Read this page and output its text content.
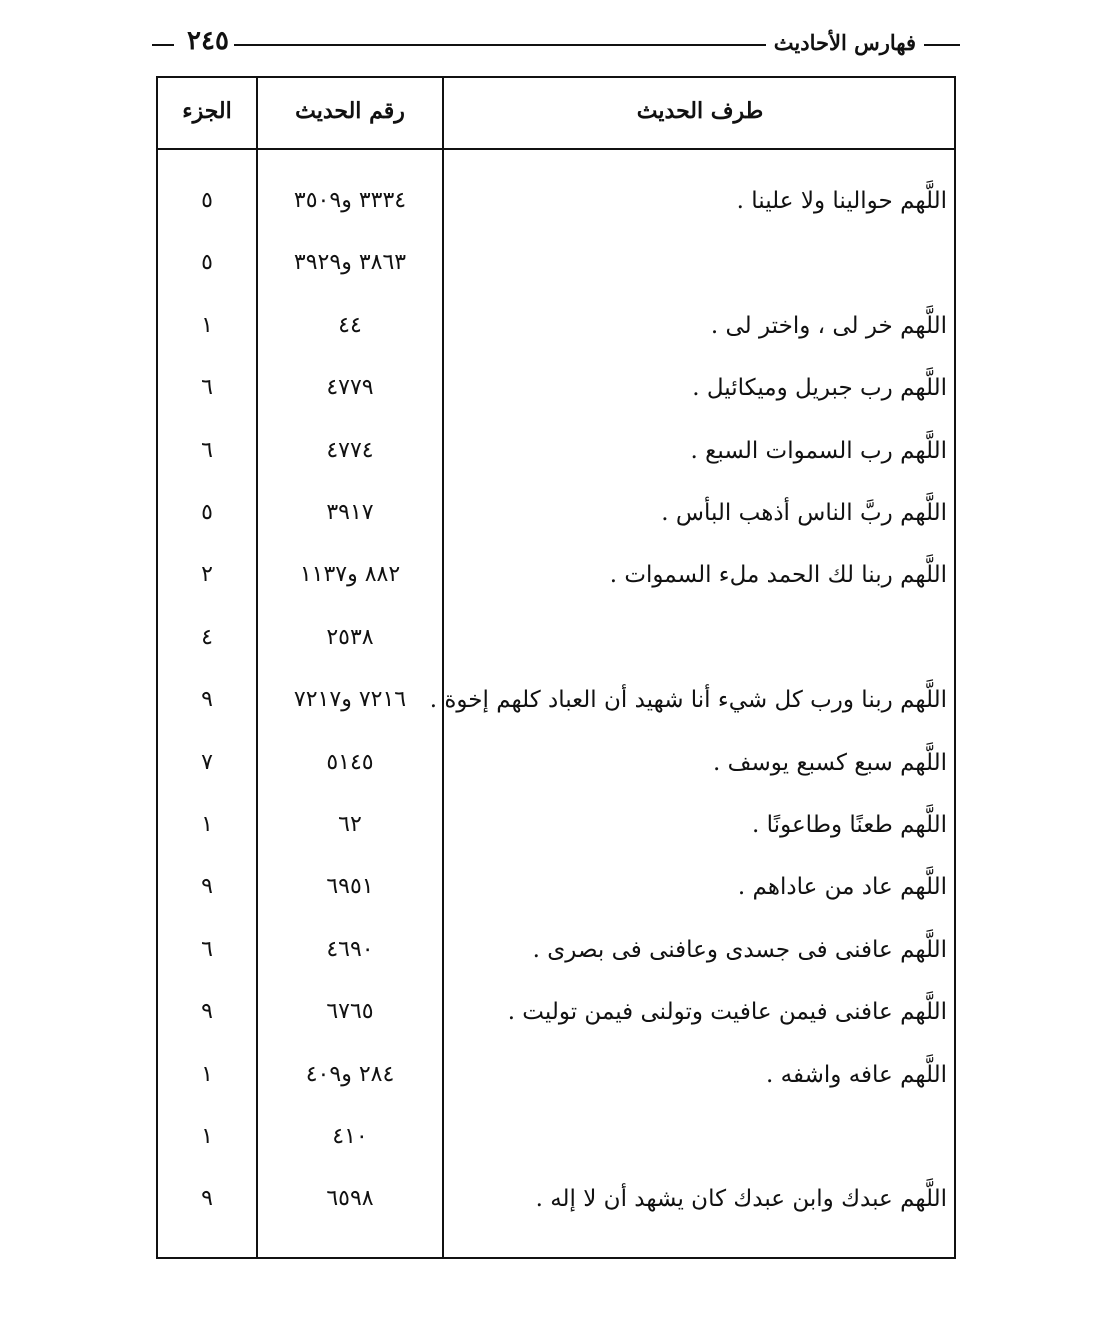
٢٤٥	فهارس الأحاديث
الجزء	رقم الحديث	طرف الحديث
٥	٣٣٣٤ و٣٥٠٩	اللَّهم حوالينا ولا علينا .
٥	٣٨٦٣ و٣٩٢٩
١	٤٤	اللَّهم خر لى ، واختر لى .
٦	٤٧٧٩	اللَّهم رب جبريل وميكائيل .
٦	٤٧٧٤	اللَّهم رب السموات السبع .
٥	٣٩١٧	اللَّهم ربَّ الناس أذهب البأس .
٢	٨٨٢ و١١٣٧	اللَّهم ربنا لك الحمد ملء السموات .
٤	٢٥٣٨
٩	٧٢١٦ و٧٢١٧	اللَّهم ربنا ورب كل شيء أنا شهيد أن العباد كلهم إخوة .
٧	٥١٤٥	اللَّهم سبع كسبع يوسف .
١	٦٢	اللَّهم طعنًا وطاعونًا .
٩	٦٩٥١	اللَّهم عاد من عاداهم .
٦	٤٦٩٠	اللَّهم عافنى فى جسدى وعافنى فى بصرى .
٩	٦٧٦٥	اللَّهم عافنى فيمن عافيت وتولنى فيمن توليت .
١	٢٨٤ و٤٠٩	اللَّهم عافه واشفه .
١	٤١٠
٩	٦٥٩٨	اللَّهم عبدك وابن عبدك كان يشهد أن لا إله .
